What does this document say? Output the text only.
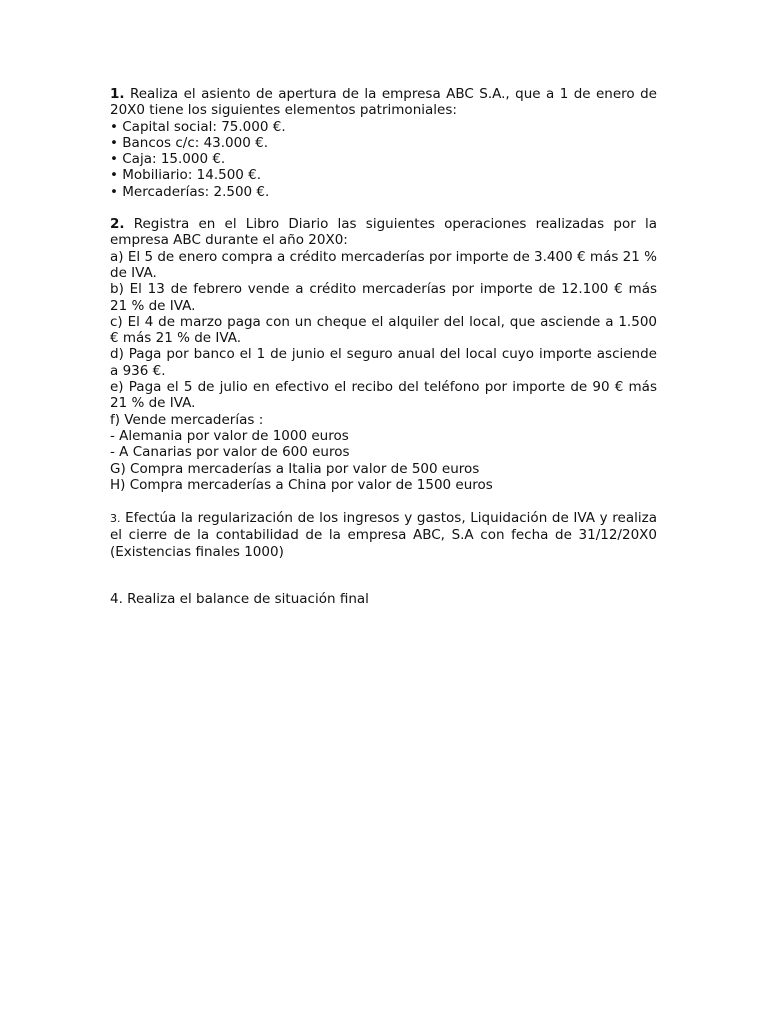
1. Realiza el asiento de apertura de la empresa ABC S.A., que a 1 de enero de 20X0 tiene los siguientes elementos patrimoniales:
• Capital social: 75.000 €.
• Bancos c/c: 43.000 €.
• Caja: 15.000 €.
• Mobiliario: 14.500 €.
• Mercaderías: 2.500 €.
2. Registra en el Libro Diario las siguientes operaciones realizadas por la empresa ABC durante el año 20X0:
a) El 5 de enero compra a crédito mercaderías por importe de 3.400 € más 21 % de IVA.
b) El 13 de febrero vende a crédito mercaderías por importe de 12.100 € más 21 % de IVA.
c) El 4 de marzo paga con un cheque el alquiler del local, que asciende a 1.500 € más 21 % de IVA.
d) Paga por banco el 1 de junio el seguro anual del local cuyo importe asciende a 936 €.
e) Paga el 5 de julio en efectivo el recibo del teléfono por importe de 90 € más 21 % de IVA.
f) Vende mercaderías :
- Alemania por valor de 1000 euros
- A Canarias por valor de 600 euros
G) Compra mercaderías a Italia por valor de 500 euros
H) Compra mercaderías a China por valor de 1500 euros
3. Efectúa la regularización de los ingresos y gastos, Liquidación de IVA y realiza el cierre de la contabilidad de la empresa ABC, S.A con fecha de 31/12/20X0 (Existencias finales 1000)
4. Realiza el balance de situación final
